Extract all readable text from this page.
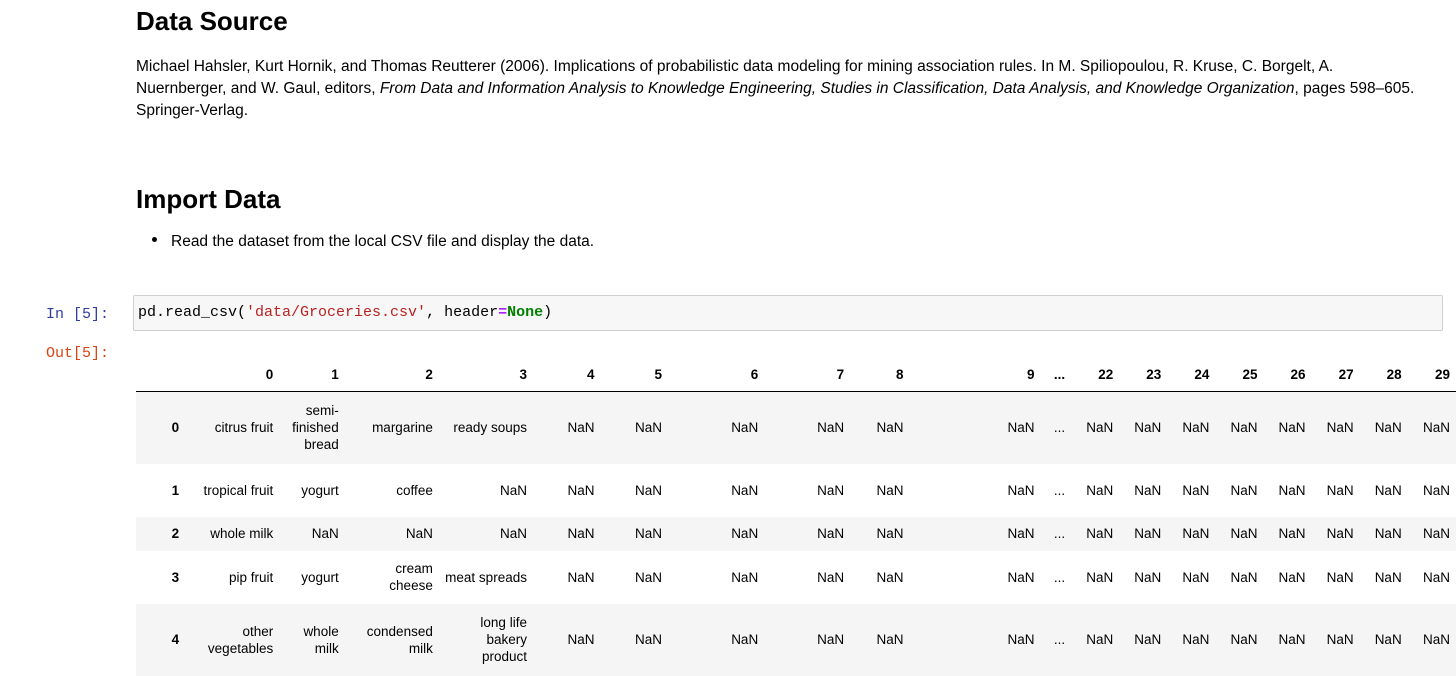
Data Source
Michael Hahsler, Kurt Hornik, and Thomas Reutterer (2006). Implications of probabilistic data modeling for mining association rules. In M. Spiliopoulou, R. Kruse, C. Borgelt, A. Nuernberger, and W. Gaul, editors, From Data and Information Analysis to Knowledge Engineering, Studies in Classification, Data Analysis, and Knowledge Organization, pages 598–605. Springer-Verlag.
Import Data
Read the dataset from the local CSV file and display the data.
In [5]:	pd.read_csv('data/Groceries.csv', header=None)
Out[5]:
	0	1	2	3	4	5	6	7	8	9	...	22	23	24	25	26	27	28	29
0	citrus fruit	semi-finished bread	margarine	ready soups	NaN	NaN	NaN	NaN	NaN	NaN	...	NaN	NaN	NaN	NaN	NaN	NaN	NaN	NaN
1	tropical fruit	yogurt	coffee	NaN	NaN	NaN	NaN	NaN	NaN	NaN	...	NaN	NaN	NaN	NaN	NaN	NaN	NaN	NaN
2	whole milk	NaN	NaN	NaN	NaN	NaN	NaN	NaN	NaN	NaN	...	NaN	NaN	NaN	NaN	NaN	NaN	NaN	NaN
3	pip fruit	yogurt	cream cheese	meat spreads	NaN	NaN	NaN	NaN	NaN	NaN	...	NaN	NaN	NaN	NaN	NaN	NaN	NaN	NaN
4	other vegetables	whole milk	condensed milk	long life bakery product	NaN	NaN	NaN	NaN	NaN	NaN	...	NaN	NaN	NaN	NaN	NaN	NaN	NaN	NaN
